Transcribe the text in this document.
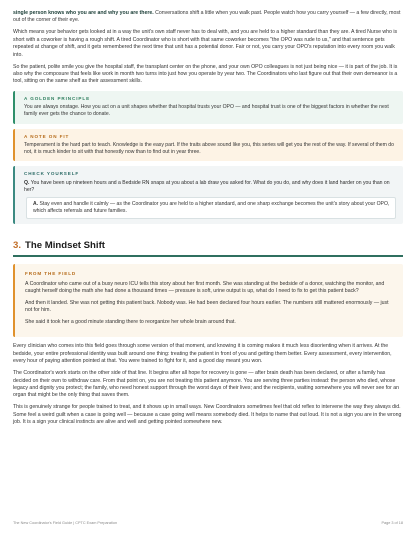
single person knows who you are and why you are there. Conversations shift a little when you walk past. People watch how you carry yourself — a few directly, most out of the corner of their eye.

Which means your behavior gets looked at in a way the unit's own staff never has to deal with, and you are held to a higher standard than they are. A tired Nurse who is short with a coworker is having a rough shift. A tired Coordinator who is short with that same coworker becomes "the OPO was rude to us," and that sentence gets repeated at change of shift, and it gets remembered the next time that unit has a potential donor. Fair or not, you carry your OPO's reputation into every room you walk into.

So the patient, polite smile you give the hospital staff, the transplant center on the phone, and your own OPO colleagues is not just being nice — it is part of the job. It is also why the composure that feels like work in month two turns into just how you operate by year two. The Coordinators who last figure out that their own demeanor is a tool, sitting on the same shelf as their assessment skills.

A GOLDEN PRINCIPLE

You are always onstage. How you act on a unit shapes whether that hospital trusts your OPO — and hospital trust is one of the biggest factors in whether the next family ever gets the chance to donate.

A NOTE ON FIT

Temperament is the hard part to teach. Knowledge is the easy part. If the traits above sound like you, this series will get you the rest of the way. If several of them do not, it is much kinder to sit with that honestly now than to find out in year three.

CHECK YOURSELF
Q. You have been up nineteen hours and a Bedside RN snaps at you about a lab draw you asked for. What do you do, and why does it land harder on you than on her?
A. Stay even and handle it calmly — as the Coordinator you are held to a higher standard, and one sharp exchange becomes the unit's story about your OPO, which affects referrals and future families.
3. The Mindset Shift
FROM THE FIELD

A Coordinator who came out of a busy neuro ICU tells this story about her first month. She was standing at the bedside of a donor, watching the monitor, and caught herself doing the math she had done a thousand times — pressure is soft, urine output is up, what do I need to fix to get this patient back?

And then it landed. She was not getting this patient back. Nobody was. He had been declared four hours earlier. The numbers still mattered enormously — just not for him.

She said it took her a good minute standing there to reorganize her whole brain around that.

Every clinician who comes into this field goes through some version of that moment, and knowing it is coming makes it much less disorienting when it arrives. At the bedside, your entire professional identity was built around one thing: treating the patient in front of you and getting them better. Every assessment, every intervention, every hour of paying attention pointed at that. You were trained to fight for it, and a good day meant you won.

The Coordinator's work starts on the other side of that line. It begins after all hope for recovery is gone — after brain death has been declared, or after a family has decided on their own to withdraw care. From that point on, you are not treating this patient anymore. You are serving three parties instead: the person who died, whose legacy and dignity you protect; the family, who need honest support through the worst days of their lives; and the recipients, waiting somewhere you will never see for an organ that might be the only thing that saves them.

This is genuinely strange for people trained to treat, and it shows up in small ways. New Coordinators sometimes feel that old reflex to intervene the way they always did. Some feel a weird guilt when a case is going well — because a case going well means somebody died. It helps to name that out loud. It is not a sign you are in the wrong job. It is a sign your clinical instincts are alive and well and getting pointed somewhere new.

The New Coordinator's Field Guide | CPTC Exam Preparation	Page 3 of 18
